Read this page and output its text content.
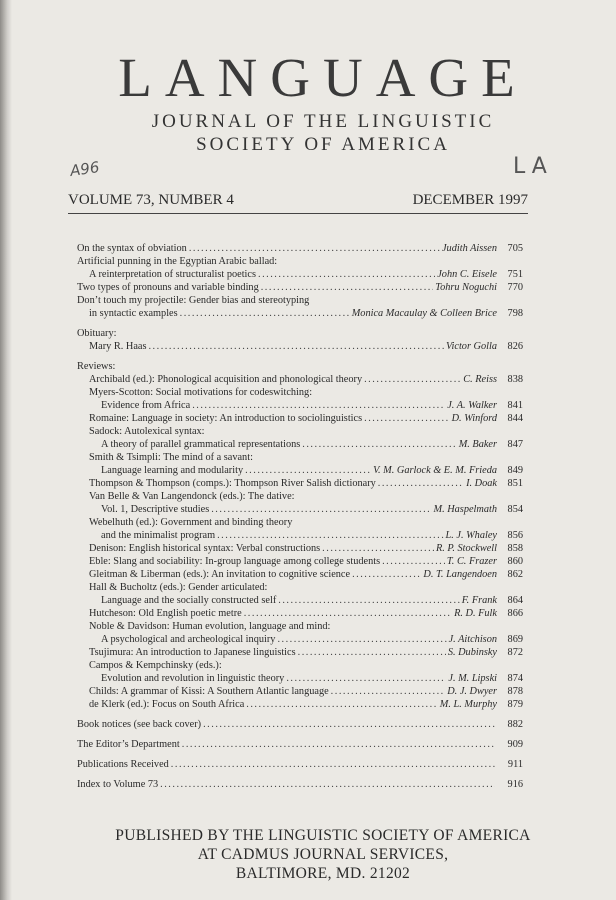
LANGUAGE
JOURNAL OF THE LINGUISTIC
SOCIETY OF AMERICA
A96	LA
VOLUME 73, NUMBER 4	DECEMBER 1997
On the syntax of obviation .....	Judith Aissen	705
Artificial punning in the Egyptian Arabic ballad:
A reinterpretation of structuralist poetics .....	John C. Eisele	751
Two types of pronouns and variable binding .....	Tohru Noguchi	770
Don’t touch my projectile: Gender bias and stereotyping
in syntactic examples .....	Monica Macaulay & Colleen Brice	798
Obituary:
Mary R. Haas .....	Victor Golla	826
Reviews:
Archibald (ed.): Phonological acquisition and phonological theory .....	C. Reiss	838
Myers-Scotton: Social motivations for codeswitching:
Evidence from Africa .....	J. A. Walker	841
Romaine: Language in society: An introduction to sociolinguistics .....	D. Winford	844
Sadock: Autolexical syntax:
A theory of parallel grammatical representations .....	M. Baker	847
Smith & Tsimpli: The mind of a savant:
Language learning and modularity .....	V. M. Garlock & E. M. Frieda	849
Thompson & Thompson (comps.): Thompson River Salish dictionary .....	I. Doak	851
Van Belle & Van Langendonck (eds.): The dative:
Vol. 1, Descriptive studies .....	M. Haspelmath	854
Webelhuth (ed.): Government and binding theory
and the minimalist program .....	L. J. Whaley	856
Denison: English historical syntax: Verbal constructions .....	R. P. Stockwell	858
Eble: Slang and sociability: In-group language among college students .....	T. C. Frazer	860
Gleitman & Liberman (eds.): An invitation to cognitive science .....	D. T. Langendoen	862
Hall & Bucholtz (eds.): Gender articulated:
Language and the socially constructed self .....	F. Frank	864
Hutcheson: Old English poetic metre .....	R. D. Fulk	866
Noble & Davidson: Human evolution, language and mind:
A psychological and archeological inquiry .....	J. Aitchison	869
Tsujimura: An introduction to Japanese linguistics .....	S. Dubinsky	872
Campos & Kempchinsky (eds.):
Evolution and revolution in linguistic theory .....	J. M. Lipski	874
Childs: A grammar of Kissi: A Southern Atlantic language .....	D. J. Dwyer	878
de Klerk (ed.): Focus on South Africa .....	M. L. Murphy	879
Book notices (see back cover) .....	882
The Editor’s Department .....	909
Publications Received .....	911
Index to Volume 73 .....	916
PUBLISHED BY THE LINGUISTIC SOCIETY OF AMERICA
AT CADMUS JOURNAL SERVICES,
BALTIMORE, MD. 21202
